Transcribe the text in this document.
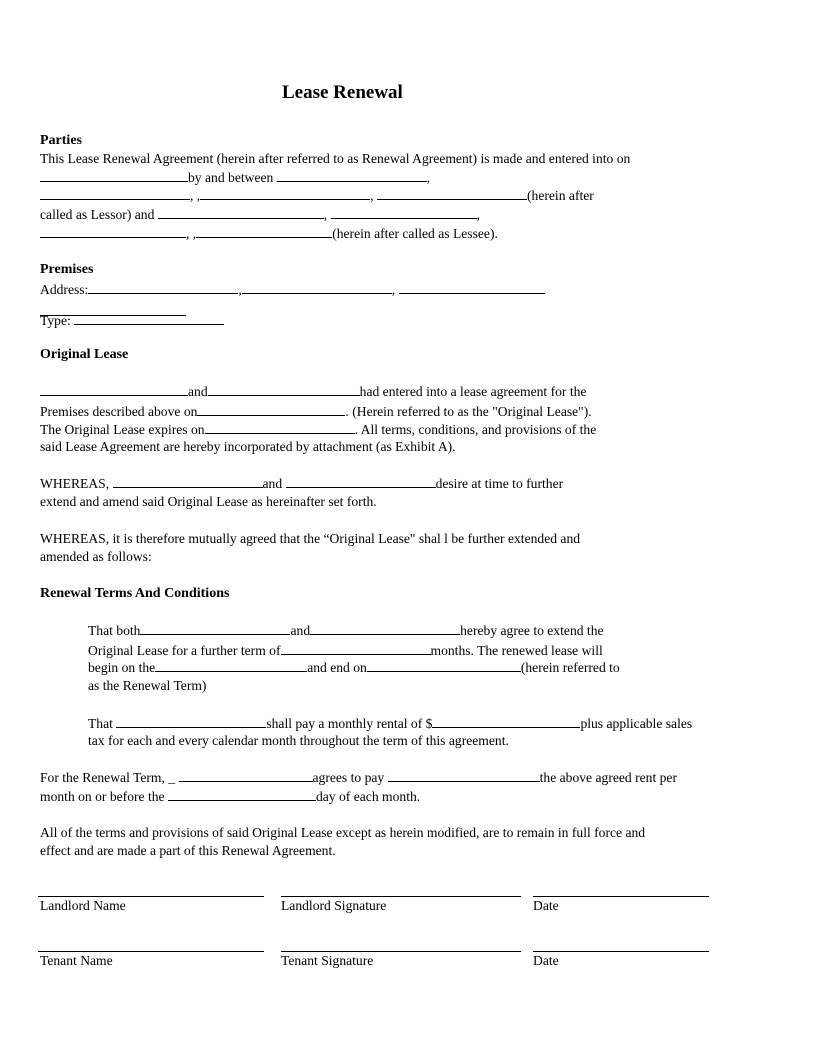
Lease Renewal
Parties
This Lease Renewal Agreement (herein after referred to as Renewal Agreement) is made and entered into on
by and between	,
, ,	,	(herein after
called as Lessor) and	,	,
, ,	(herein after called as Lessee).
Premises
Address:	,	,
Type:
Original Lease
and	had entered into a lease agreement for the
Premises described above on	. (Herein referred to as the "Original Lease").
The Original Lease expires on	. All terms, conditions, and provisions of the
said Lease Agreement are hereby incorporated by attachment (as Exhibit A).
WHEREAS,	and	desire at time to further
extend and amend said Original Lease as hereinafter set forth.
WHEREAS, it is therefore mutually agreed that the “Original Lease" shal l be further extended and
amended as follows:
Renewal Terms And Conditions
That both	and	hereby agree to extend the
Original Lease for a further term of	months. The renewed lease will
begin on the	and end on	(herein referred to
as the Renewal Term)
That	shall pay a monthly rental of $	plus applicable sales
tax for each and every calendar month throughout the term of this agreement.
For the Renewal Term, _	agrees to pay	the above agreed rent per
month on or before the	day of each month.
All of the terms and provisions of said Original Lease except as herein modified, are to remain in full force and
effect and are made a part of this Renewal Agreement.
Landlord Name	Landlord Signature	Date
Tenant Name	Tenant Signature	Date
